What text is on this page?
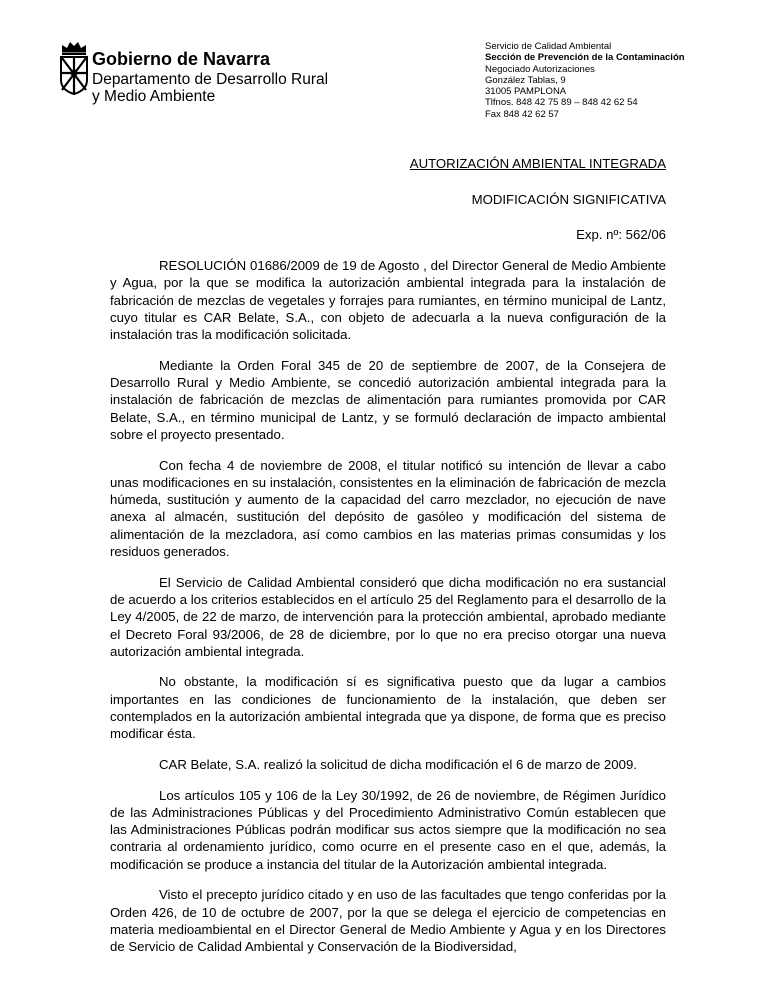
Gobierno de Navarra
Departamento de Desarrollo Rural
y Medio Ambiente
Servicio de Calidad Ambiental
Sección de Prevención de la Contaminación
Negociado Autorizaciones
González Tablas, 9
31005 PAMPLONA
Tlfnos. 848 42 75 89 – 848 42 62 54
Fax 848 42 62 57
AUTORIZACIÓN AMBIENTAL INTEGRADA
MODIFICACIÓN SIGNIFICATIVA
Exp. nº: 562/06

RESOLUCIÓN 01686/2009 de 19 de Agosto , del Director General de Medio Ambiente y Agua, por la que se modifica la autorización ambiental integrada para la instalación de fabricación de mezclas de vegetales y forrajes para rumiantes, en término municipal de Lantz, cuyo titular es CAR Belate, S.A., con objeto de adecuarla a la nueva configuración de la instalación tras la modificación solicitada.

Mediante la Orden Foral 345 de 20 de septiembre de 2007, de la Consejera de Desarrollo Rural y Medio Ambiente, se concedió autorización ambiental integrada para la instalación de fabricación de mezclas de alimentación para rumiantes promovida por CAR Belate, S.A., en término municipal de Lantz, y se formuló declaración de impacto ambiental sobre el proyecto presentado.

Con fecha 4 de noviembre de 2008, el titular notificó su intención de llevar a cabo unas modificaciones en su instalación, consistentes en la eliminación de fabricación de mezcla húmeda, sustitución y aumento de la capacidad del carro mezclador, no ejecución de nave anexa al almacén, sustitución del depósito de gasóleo y modificación del sistema de alimentación de la mezcladora, así como cambios en las materias primas consumidas y los residuos generados.

El Servicio de Calidad Ambiental consideró que dicha modificación no era sustancial de acuerdo a los criterios establecidos en el artículo 25 del Reglamento para el desarrollo de la Ley 4/2005, de 22 de marzo, de intervención para la protección ambiental, aprobado mediante el Decreto Foral 93/2006, de 28 de diciembre, por lo que no era preciso otorgar una nueva autorización ambiental integrada.

No obstante, la modificación sí es significativa puesto que da lugar a cambios importantes en las condiciones de funcionamiento de la instalación, que deben ser contemplados en la autorización ambiental integrada que ya dispone, de forma que es preciso modificar ésta.

CAR Belate, S.A. realizó la solicitud de dicha modificación el 6 de marzo de 2009.

Los artículos 105 y 106 de la Ley 30/1992, de 26 de noviembre, de Régimen Jurídico de las Administraciones Públicas y del Procedimiento Administrativo Común establecen que las Administraciones Públicas podrán modificar sus actos siempre que la modificación no sea contraria al ordenamiento jurídico, como ocurre en el presente caso en el que, además, la modificación se produce a instancia del titular de la Autorización ambiental integrada.

Visto el precepto jurídico citado y en uso de las facultades que tengo conferidas por la Orden 426, de 10 de octubre de 2007, por la que se delega el ejercicio de competencias en materia medioambiental en el Director General de Medio Ambiente y Agua y en los Directores de Servicio de Calidad Ambiental y Conservación de la Biodiversidad,
